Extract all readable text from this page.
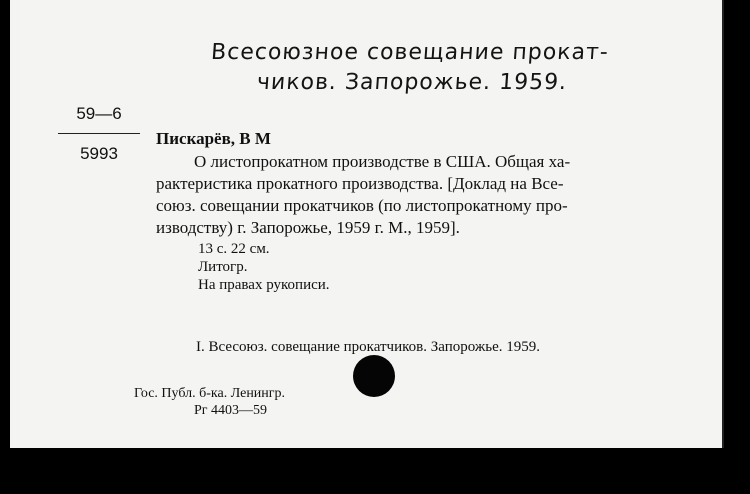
Всесоюзное совещание прокат-
чиков. Запорожье. 1959.
59—6
5993
Пискарёв, В М
О листопрокатном производстве в США. Общая ха-
рактеристика прокатного производства. [Доклад на Все-
союз. совещании прокатчиков (по листопрокатному про-
изводству) г. Запорожье, 1959 г. М., 1959].
13 с. 22 см.
Литогр.
На правах рукописи.
I. Всесоюз. совещание прокатчиков. Запорожье. 1959.
Гос. Публ. б-ка. Ленингр.
Рг 4403—59
